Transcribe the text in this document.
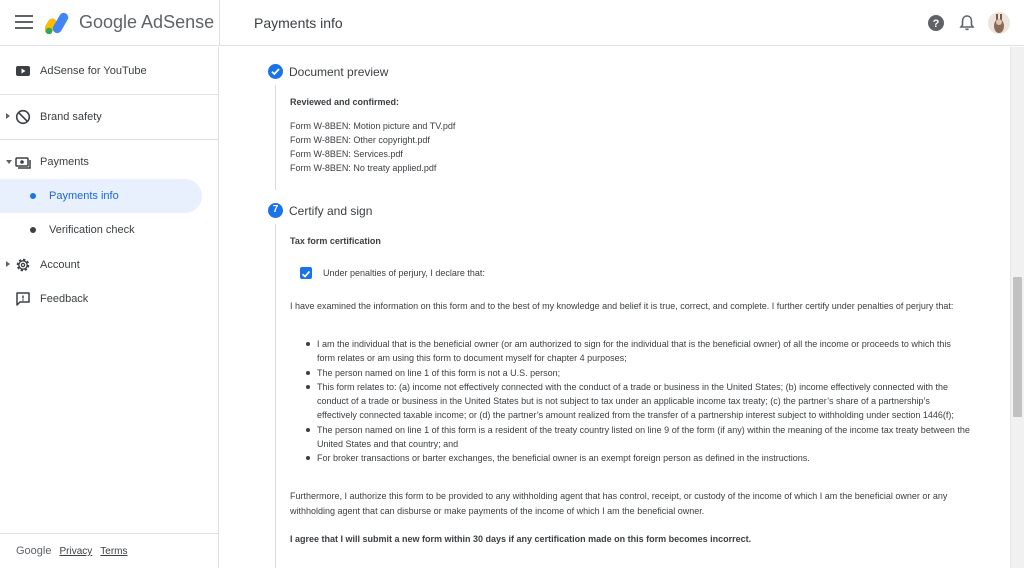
Google AdSense	Payments info	?
AdSense for YouTube
Brand safety
Payments
Payments info
Verification check
Account
Feedback
Google Privacy Terms
Document preview
Reviewed and confirmed:
Form W-8BEN: Motion picture and TV.pdf
Form W-8BEN: Other copyright.pdf
Form W-8BEN: Services.pdf
Form W-8BEN: No treaty applied.pdf
7 Certify and sign
Tax form certification
Under penalties of perjury, I declare that:
I have examined the information on this form and to the best of my knowledge and belief it is true, correct, and complete. I further certify under penalties of perjury that:
I am the individual that is the beneficial owner (or am authorized to sign for the individual that is the beneficial owner) of all the income or proceeds to which this form relates or am using this form to document myself for chapter 4 purposes;
The person named on line 1 of this form is not a U.S. person;
This form relates to: (a) income not effectively connected with the conduct of a trade or business in the United States; (b) income effectively connected with the conduct of a trade or business in the United States but is not subject to tax under an applicable income tax treaty; (c) the partner’s share of a partnership’s effectively connected taxable income; or (d) the partner’s amount realized from the transfer of a partnership interest subject to withholding under section 1446(f);
The person named on line 1 of this form is a resident of the treaty country listed on line 9 of the form (if any) within the meaning of the income tax treaty between the United States and that country; and
For broker transactions or barter exchanges, the beneficial owner is an exempt foreign person as defined in the instructions.
Furthermore, I authorize this form to be provided to any withholding agent that has control, receipt, or custody of the income of which I am the beneficial owner or any withholding agent that can disburse or make payments of the income of which I am the beneficial owner.
I agree that I will submit a new form within 30 days if any certification made on this form becomes incorrect.
